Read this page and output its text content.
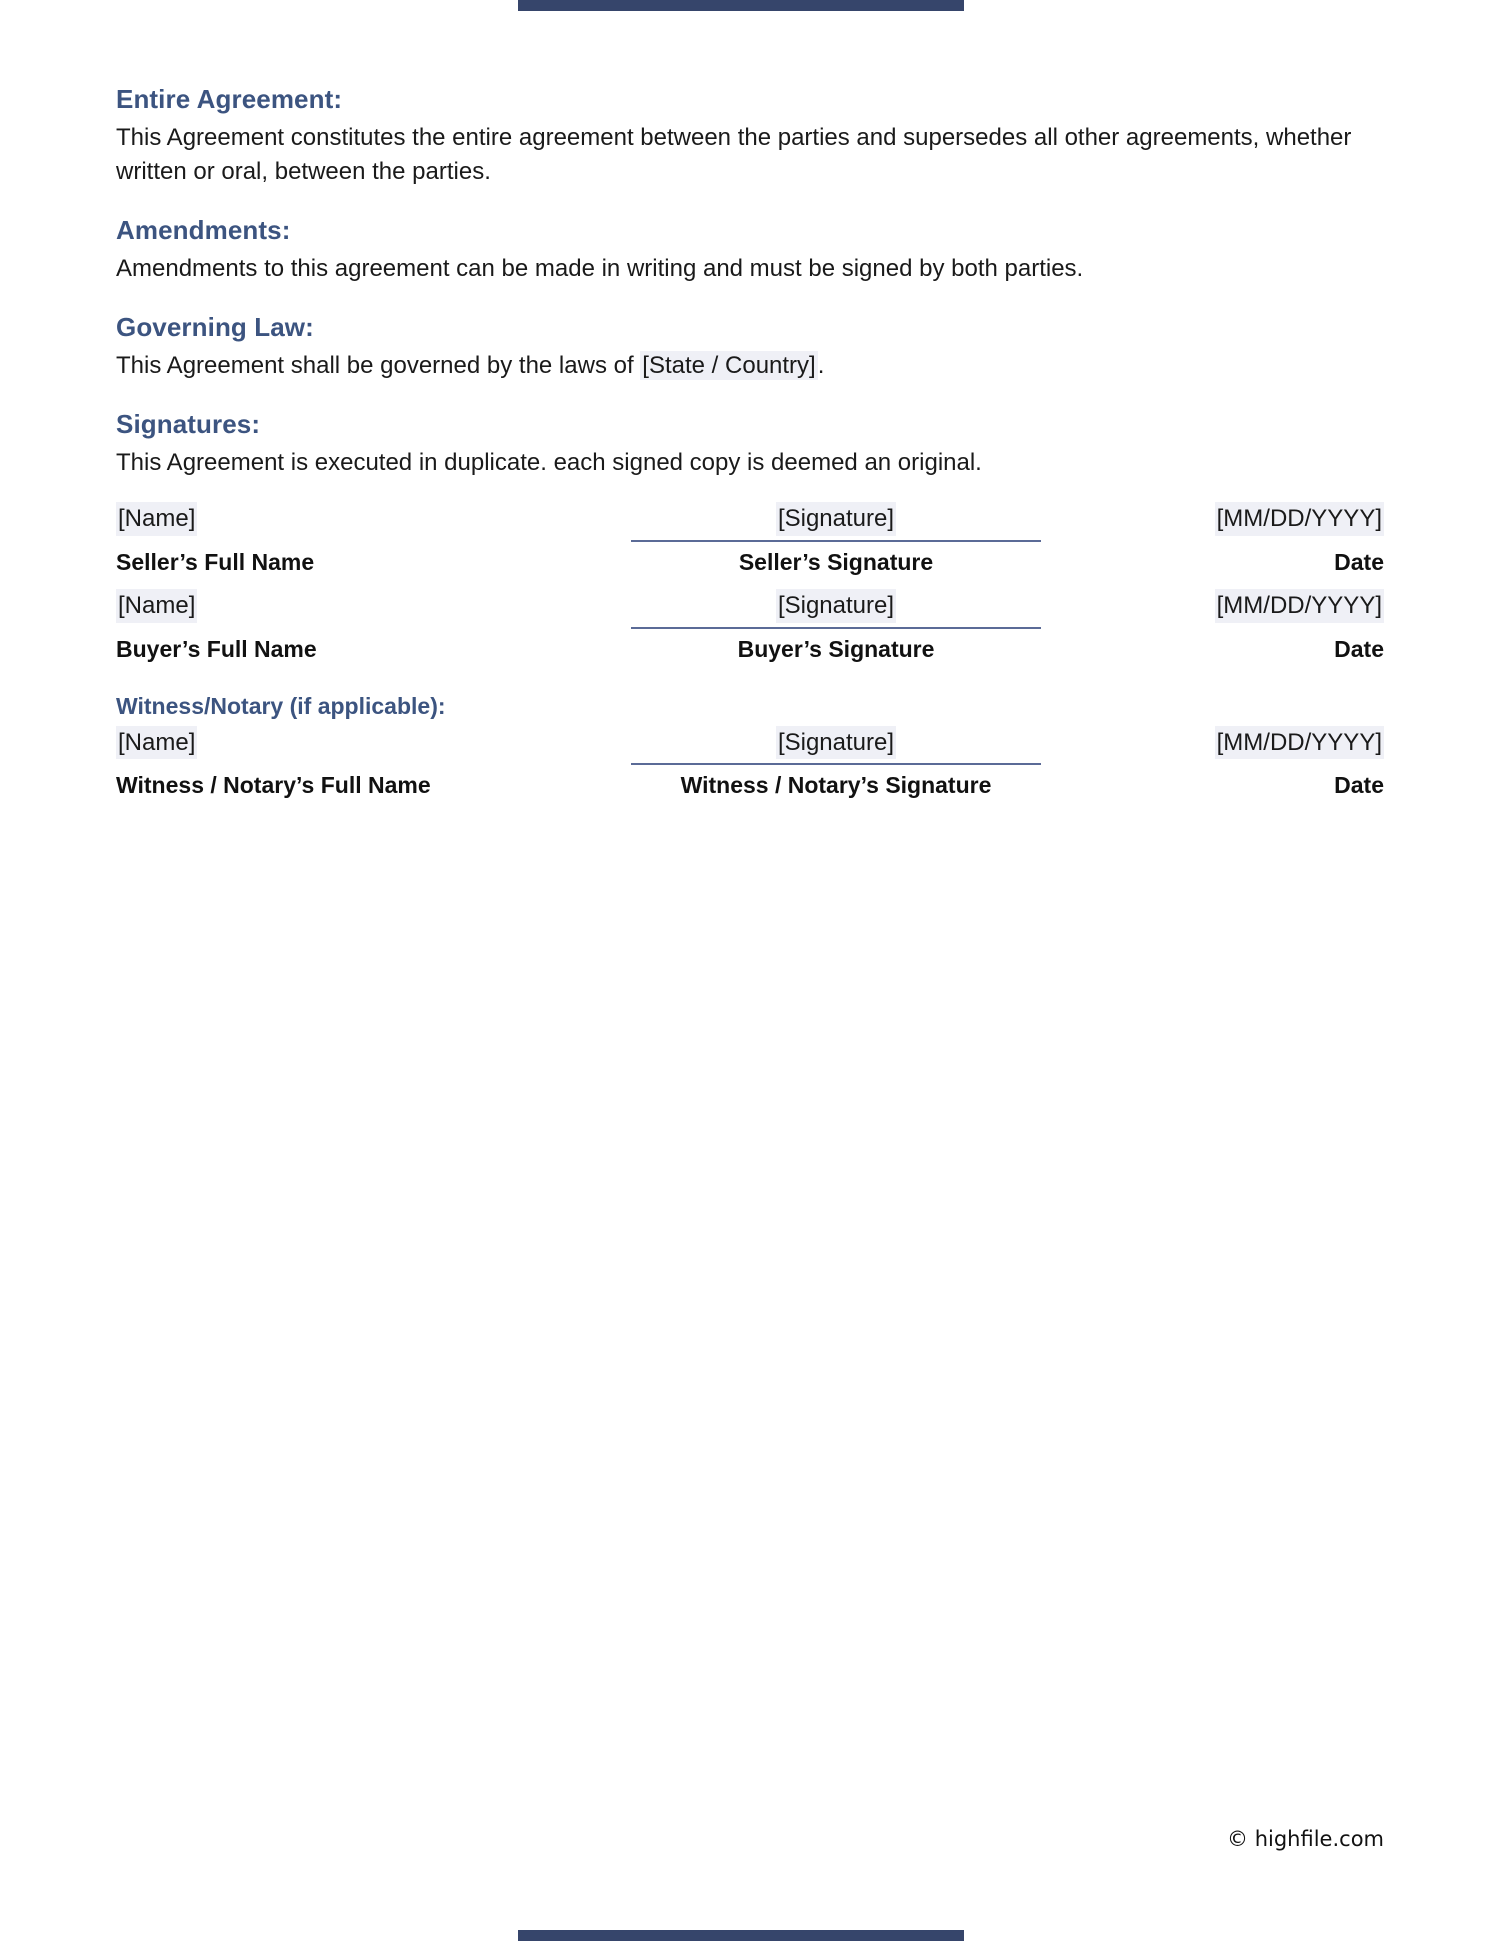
Entire Agreement:

This Agreement constitutes the entire agreement between the parties and supersedes all other agreements, whether written or oral, between the parties.

Amendments:

Amendments to this agreement can be made in writing and must be signed by both parties.

Governing Law:

This Agreement shall be governed by the laws of [State / Country].

Signatures:

This Agreement is executed in duplicate. each signed copy is deemed an original.

[Name]	[Signature]	[MM/DD/YYYY]
Seller’s Full Name	Seller’s Signature	Date
[Name]	[Signature]	[MM/DD/YYYY]
Buyer’s Full Name	Buyer’s Signature	Date
Witness/Notary (if applicable):
[Name]	[Signature]	[MM/DD/YYYY]
Witness / Notary’s Full Name	Witness / Notary’s Signature	Date
© highfile.com
